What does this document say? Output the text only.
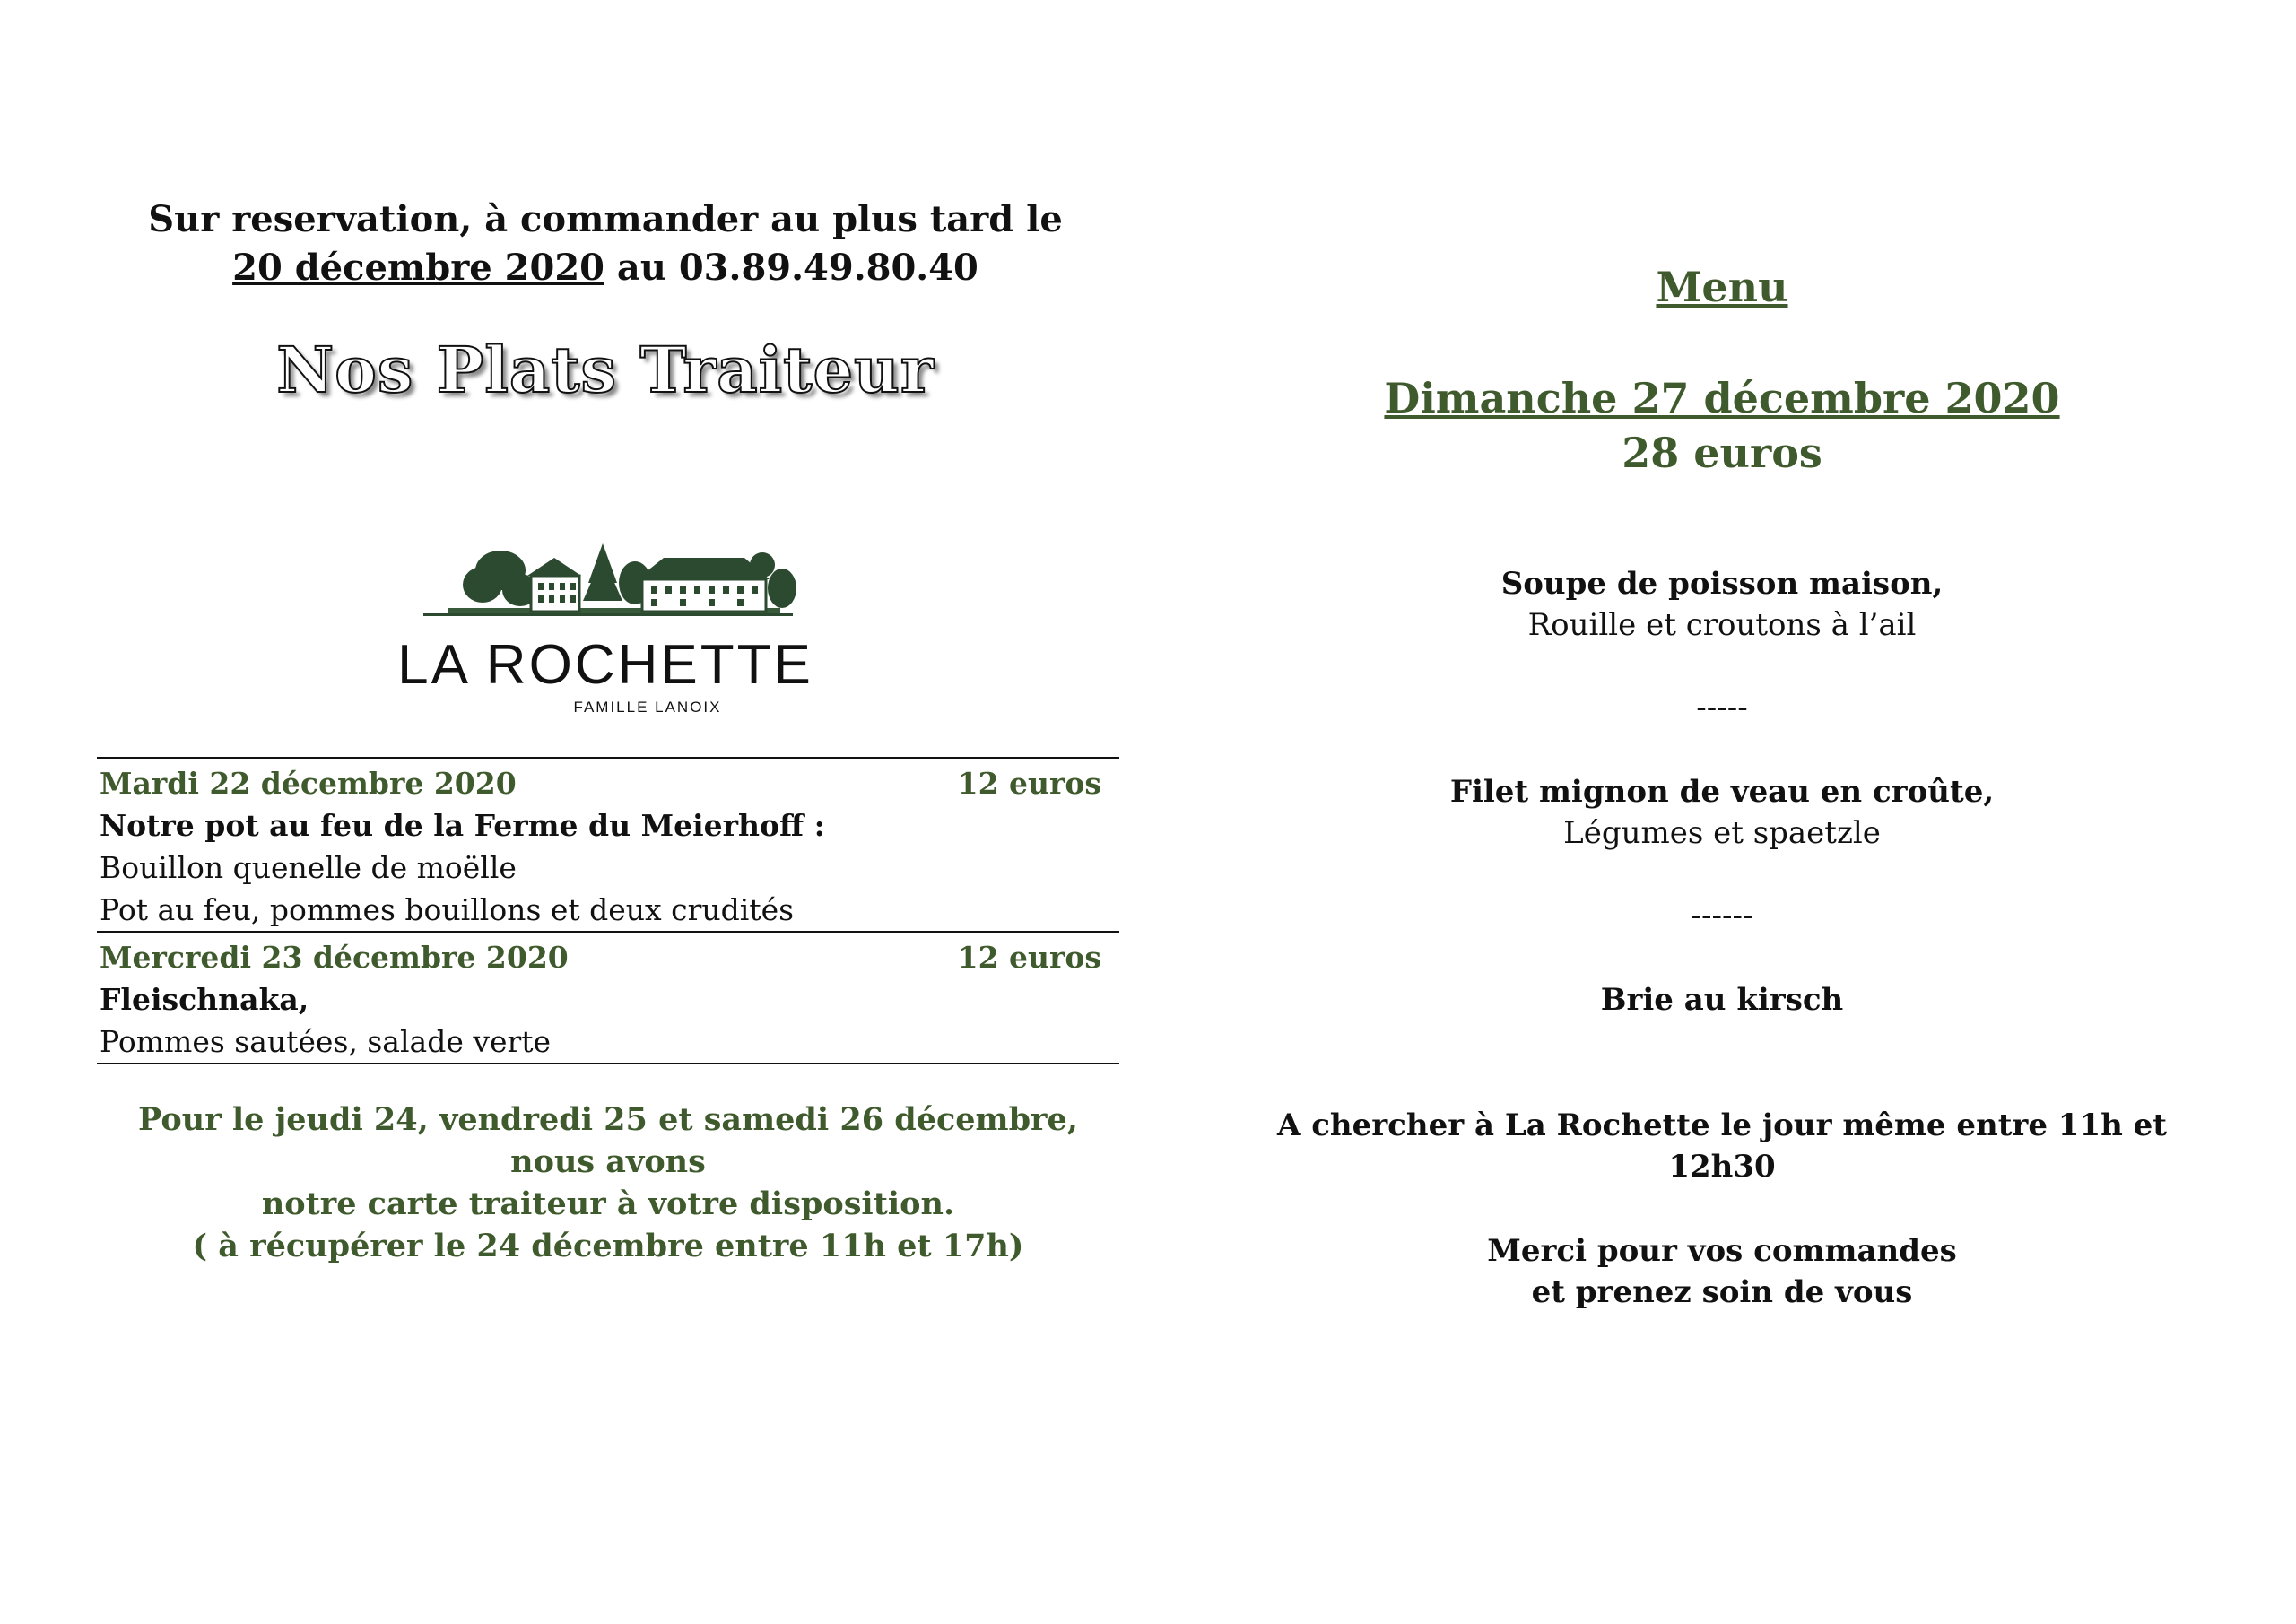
Sur reservation, à commander au plus tard le
20 décembre 2020 au 03.89.49.80.40
Nos Plats Traiteur
LA ROCHETTE
FAMILLE LANOIX
Mardi 22 décembre 2020	12 euros
Notre pot au feu de la Ferme du Meierhoff :
Bouillon quenelle de moëlle
Pot au feu, pommes bouillons et deux crudités
Mercredi 23 décembre 2020	12 euros
Fleischnaka,
Pommes sautées, salade verte
Pour le jeudi 24, vendredi 25 et samedi 26 décembre, nous avons
notre carte traiteur à votre disposition.
( à récupérer le 24 décembre entre 11h et 17h)
Menu
Dimanche 27 décembre 2020
28 euros
Soupe de poisson maison,
Rouille et croutons à l’ail
-----
Filet mignon de veau en croûte,
Légumes et spaetzle
------
Brie au kirsch
A chercher à La Rochette le jour même entre 11h et 12h30
Merci pour vos commandes
et prenez soin de vous
